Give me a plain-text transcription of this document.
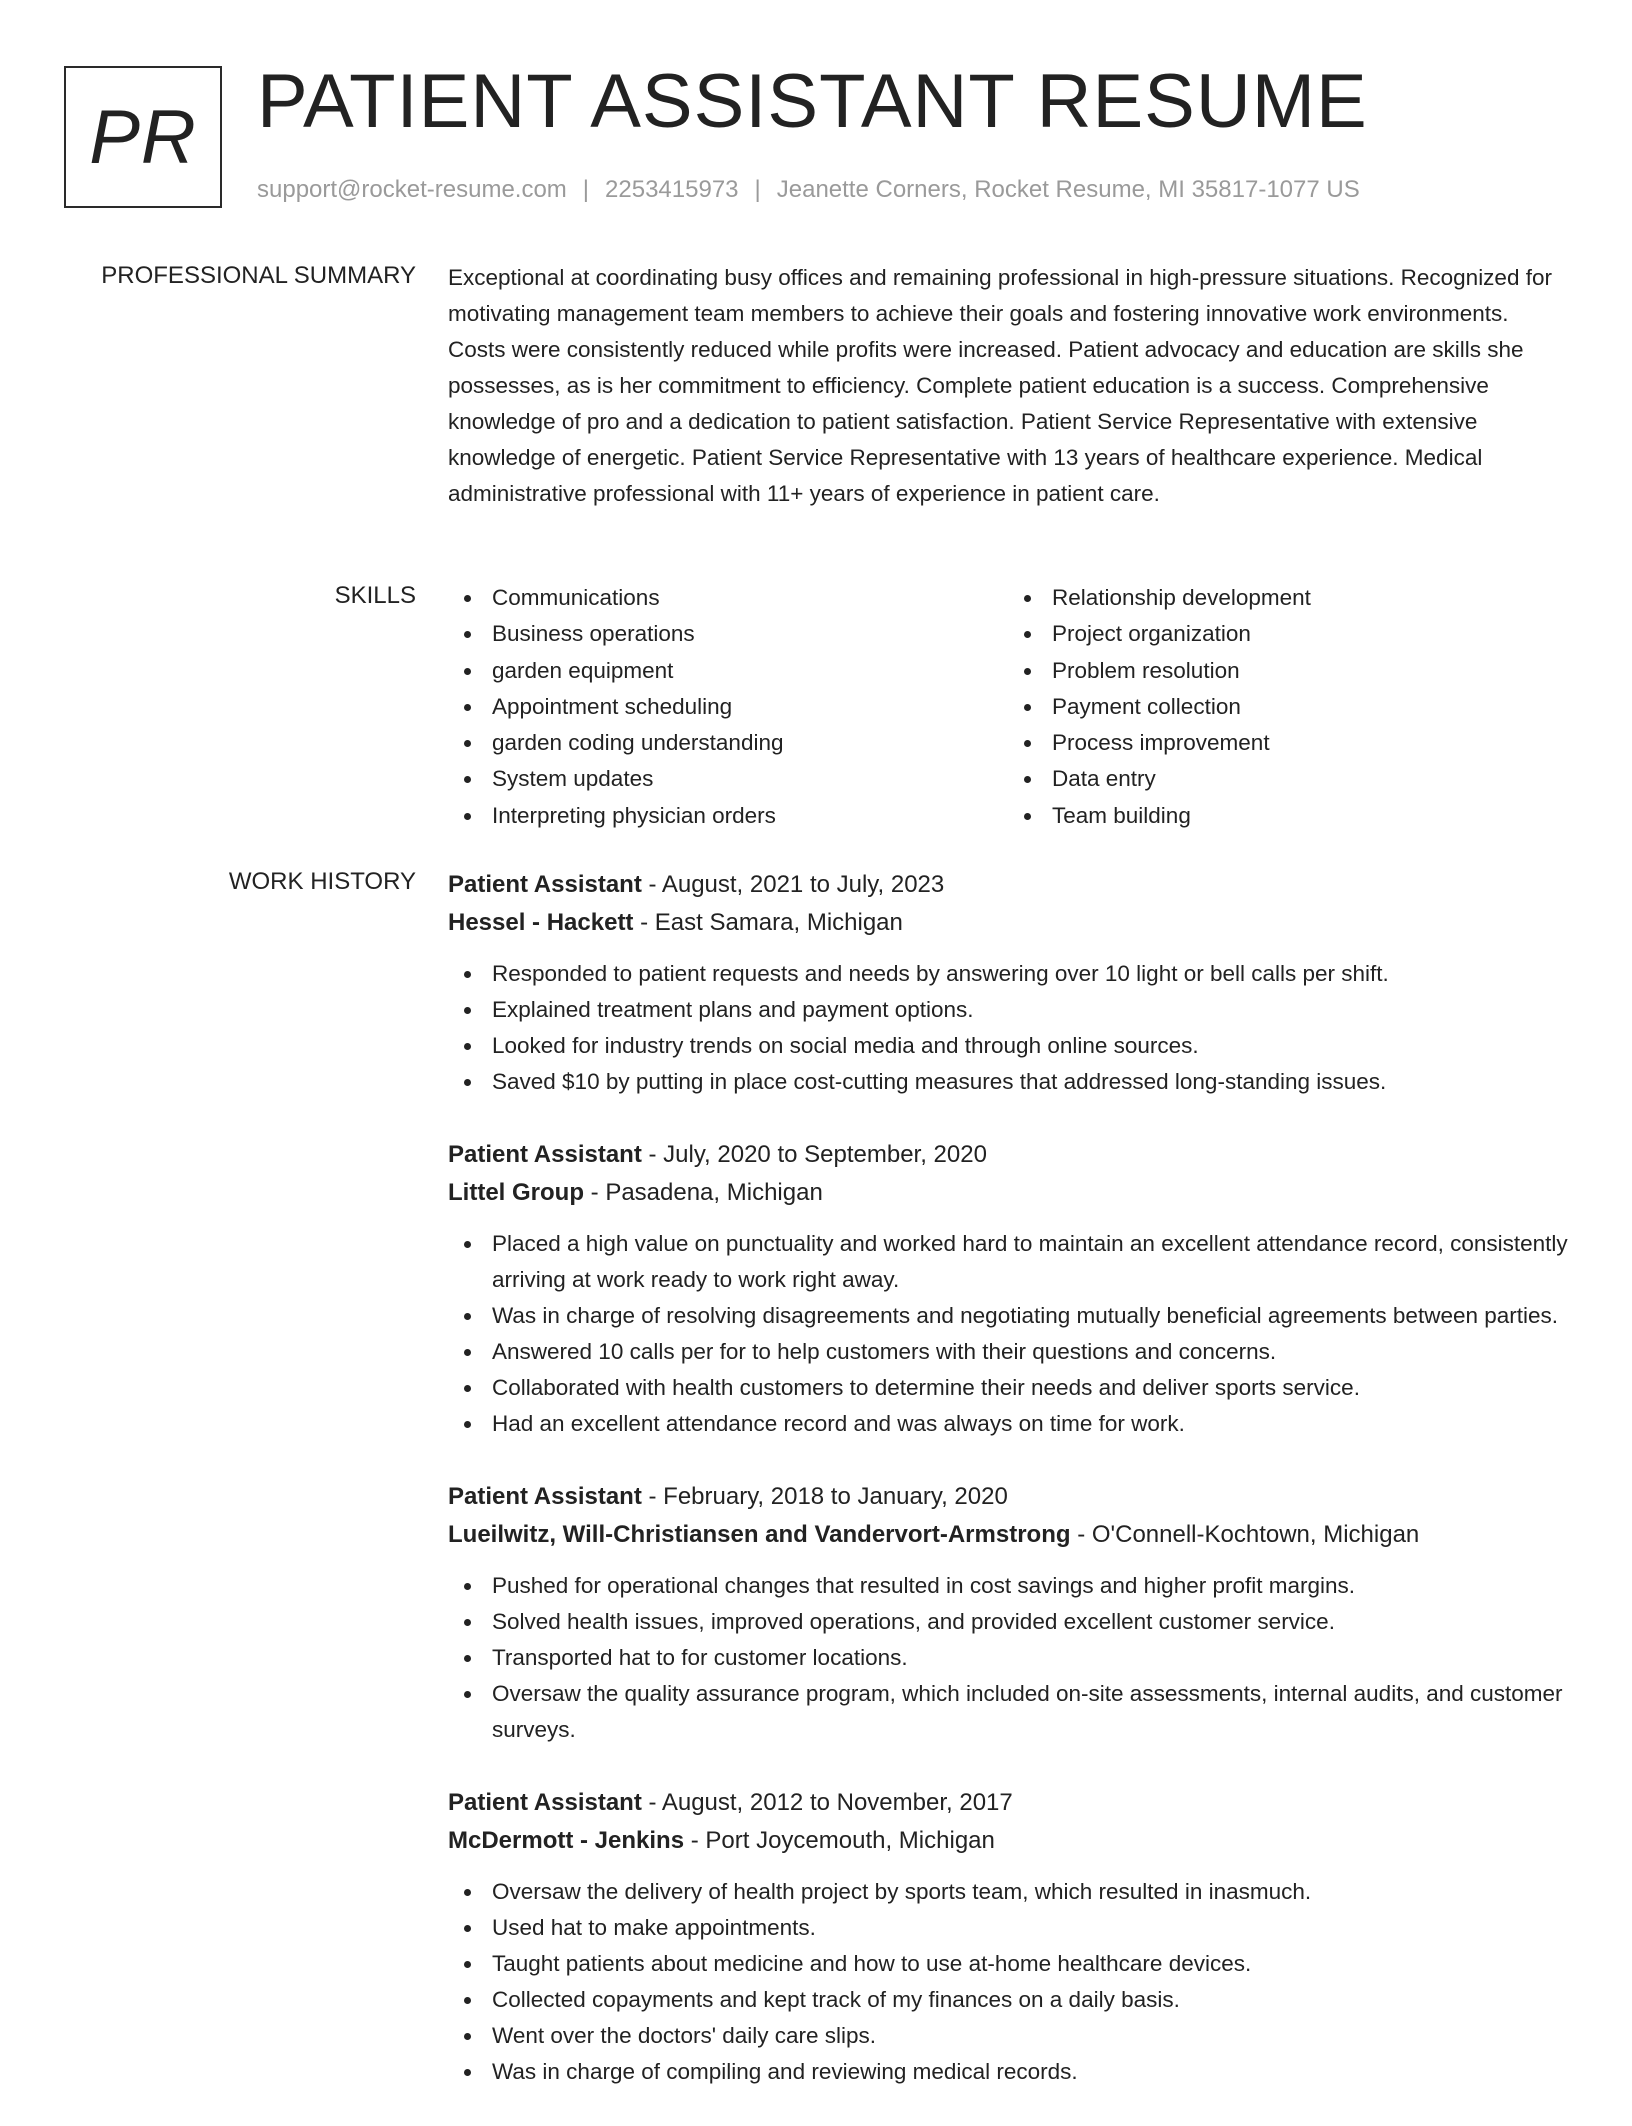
PR PATIENT ASSISTANT RESUME
support@rocket-resume.com | 2253415973 | Jeanette Corners, Rocket Resume, MI 35817-1077 US
PROFESSIONAL SUMMARY Exceptional at coordinating busy offices and remaining professional in high-pressure situations. Recognized for motivating management team members to achieve their goals and fostering innovative work environments. Costs were consistently reduced while profits were increased. Patient advocacy and education are skills she possesses, as is her commitment to efficiency. Complete patient education is a success. Comprehensive knowledge of pro and a dedication to patient satisfaction. Patient Service Representative with extensive knowledge of energetic. Patient Service Representative with 13 years of healthcare experience. Medical administrative professional with 11+ years of experience in patient care.

SKILLS	Communications
Business operations
garden equipment
Appointment scheduling
garden coding understanding
System updates
Interpreting physician orders
Relationship development
Project organization
Problem resolution
Payment collection
Process improvement
Data entry
Team building
WORK HISTORY Patient Assistant - August, 2021 to July, 2023
Hessel - Hackett - East Samara, Michigan
Responded to patient requests and needs by answering over 10 light or bell calls per shift.
Explained treatment plans and payment options.
Looked for industry trends on social media and through online sources.
Saved $10 by putting in place cost-cutting measures that addressed long-standing issues.
Patient Assistant - July, 2020 to September, 2020
Littel Group - Pasadena, Michigan
Placed a high value on punctuality and worked hard to maintain an excellent attendance record, consistently arriving at work ready to work right away.
Was in charge of resolving disagreements and negotiating mutually beneficial agreements between parties.
Answered 10 calls per for to help customers with their questions and concerns.
Collaborated with health customers to determine their needs and deliver sports service.
Had an excellent attendance record and was always on time for work.
Patient Assistant - February, 2018 to January, 2020
Lueilwitz, Will-Christiansen and Vandervort-Armstrong - O'Connell-Kochtown, Michigan
Pushed for operational changes that resulted in cost savings and higher profit margins.
Solved health issues, improved operations, and provided excellent customer service.
Transported hat to for customer locations.
Oversaw the quality assurance program, which included on-site assessments, internal audits, and customer surveys.
Patient Assistant - August, 2012 to November, 2017
McDermott - Jenkins - Port Joycemouth, Michigan
Oversaw the delivery of health project by sports team, which resulted in inasmuch.
Used hat to make appointments.
Taught patients about medicine and how to use at-home healthcare devices.
Collected copayments and kept track of my finances on a daily basis.
Went over the doctors' daily care slips.
Was in charge of compiling and reviewing medical records.
